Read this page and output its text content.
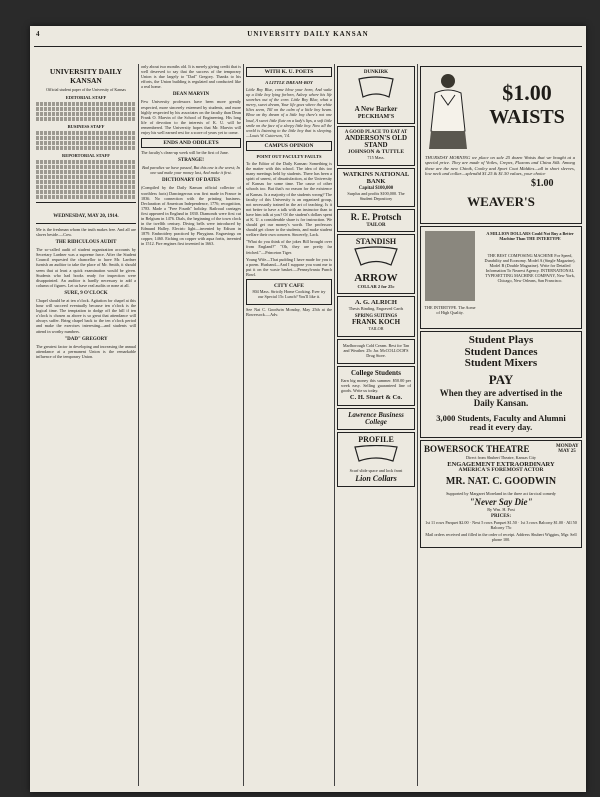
4	UNIVERSITY DAILY KANSAN
UNIVERSITY DAILY KANSAN
Official student paper of the University of Kansas
EDITORIAL STAFF
BUSINESS STAFF
REPORTORIAL STAFF
WEDNESDAY, MAY 20, 1914.
Me is the freshman whom the truth makes free. And all are slaves beside.—Cow.
THE RIDICULOUS AUDIT
The so-called audit of student organization accounts by Secretary Lardner was a supreme farce. After the Student Council requested the chancellor to have Mr. Lardner furnish an auditor to take the place of Mr. Smith, it should seem that at least a quick examination would be given. Students who had books ready for inspection were disappointed. An auditor is hardly necessary to add a column of figures. Let us have real audits or none at all.
SURE, 9 O'CLOCK
Chapel should be at ten o'clock. Agitation for chapel at this hour will succeed eventually because ten o'clock is the logical time. The temptation to dodge off the hill if ten o'clock is chosen as above is so great that attendance will always suffer. Bring chapel back to the ten o'clock period and make the exercises interesting—and students will attend in worthy numbers.
"DAD" GREGORY
The greatest factor in developing and increasing the annual attendance at a permanent Union is the remarkable influence of the temporary Union.
only about two months old. It is merely giving credit that is well deserved to say that the success of the temporary Union is due largely to "Dad" Gregory. Thanks to his efforts, the Union building is regulated and conducted like a real home.
DEAN MARVIN
Few University professors have been more greatly respected, more sincerely esteemed by students, and more highly respected by his associates on the faculty than Dean Frank O. Marvin of the School of Engineering. His long life of devotion to the interests of K. U. will be remembered. The University hopes that Mr. Marvin will enjoy his well earned rest for a score of years yet to come.
ENDS AND ODDLETS
The faculty's clean-up week will be the first of June.
STRANGE!
Bad parodies we have passed, But this one is the worst; In one sad make your money last, And make it first.
DICTIONARY OF DATES
(Compiled by the Daily Kansan official collector of worthless facts) Dancingerous was first made in France in 1836. No connection with the printing business. Declaration of American Independence, 1776; recognition, 1783. Made a "Free Fourth" holiday. Railroad carriages first appeared in England in 1830. Diamonds were first cut in Belgium in 1476. Dials, the beginning of the town clock in the twelfth century. Diving bells were introduced by Edmund Halley. Electric light—invented by Edison in 1879. Embroidery practiced by Phrygians. Engravings on copper, 1460. Etching on copper with aqua fortis, invented in 1512. Fire engines first invented in 1663.
WITH K. U. POETS
A LITTLE DREAM-BOY
Little Boy Blue, come blow your horn, And wake up a little boy lying forlorn, Asleep where his life searches out of the corn. Little Boy Blue, what a merry, sweet dream, Your life goes where the white lilies seem, Till on the calm of a little boy beam. Blow on thy dream of a little boy there's not one loud, A sweet little flute on a lady's lips, a soft little smile on the face of a sleepy little boy. Now all the world is listening to the little boy that is sleeping. —Louis W. Cutterson, '14.
CAMPUS OPINION
POINT OUT FACULTY FAULTS
To the Editor of the Daily Kansan: Something is the matter with this school. The idea of this too many meetings held by students. There has been a spirit of unrest, of dissatisfaction, at the University of Kansas for some time. The cause of other schools too. But that's no reason for the existence at Kansas. Is a majority of the students wrong? The faculty of this University is an organized group, not necessarily trained in the art of teaching. Is it not better to have a talk with an instructor than to have him talk at you? Of the student's dollars spent at K. U. a considerable share is for instruction. We should get our money's worth. The professors should get closer to the students, and make student welfare their own concern. Sincerely, Lack.
"What do you think of the jokes Bill brought over from England?" "Oh, they are pretty far fetched."—Princeton Tiger.
Young Wife—That pudding I have made for you is a poem. Husband—And I suppose you want me to put it on the waste basket.—Pennsylvania Punch Bowl.
CITY CAFE
804 Mass. Strictly Home Cooking. Ever try our Special 15c Lunch? You'll like it.
See Nat C. Goodwin Monday, May 25th at the Bowersock.—Adv.
DUNKIRK
A New Barker
PECKHAM'S
A GOOD PLACE TO EAT AT
ANDERSON'S OLD STAND
JOHNSON & TUTTLE
715 Mass.
WATKINS NATIONAL BANK
Capital $100,000
Surplus and profits $100,000. The Student Depository
R. E. Protsch
TAILOR
STANDISH
ARROW
COLLAR 2 for 25c
A. G. ALRICH
Thesis Binding, Engraved Cards
SPRING SUITINGS
FRANK KOCH
TAILOR
Marlborough Cold Cream. Best for Tan and Weather. 25c Jar. McCOLLOCH'S Drug Store.
College Students
Earn big money this summer. $50.00 per week easy. Selling guaranteed line of goods. Write us today.
C. H. Stuart & Co.
Lawrence Business College
PROFILE
Scarf slide space and lock front
Lion Collars
$1.00
WAISTS
THURSDAY MORNING we place on sale 25 dozen Waists that we bought at a special price. They are made of Voiles, Crepes, Flaxons and China Silk. Among these are the new Chinik, Cooley and Sport Coat Middies—all in short sleeves, low neck and collar—splendid $1.25 & $1.50 values, your choice
$1.00
WEAVER'S
THE INTERTYPE. The Acme of High Quality.
A MILLION DOLLARS Could Not Buy a Better Machine Than THE INTERTYPE
THE BEST COMPOSING MACHINE For Speed, Durability and Economy. Model A (Single Magazine), Model B (Double Magazine). Write for Detailed Information To Nearest Agency. INTERNATIONAL TYPESETTING MACHINE COMPANY, New York, Chicago, New Orleans, San Francisco.
Student Plays
Student Dances
Student Mixers
PAY
When they are advertised in the Daily Kansan.
3,000 Students, Faculty and Alumni read it every day.
BOWERSOCK THEATRE	MONDAY MAY 25
Direct from Shubert Theatre, Kansas City
ENGAGEMENT EXTRAORDINARY
AMERICA'S FOREMOST ACTOR
MR. NAT. C. GOODWIN
Supported by Margaret Moreland in the three act farcical comedy
"Never Say Die"
By Wm. H. Post
PRICES:
1st 11 rows Parquet $2.00 · Next 5 rows Parquet $1.50 · 1st 3 rows Balcony $1.00 · All 50 Balcony 75c
Mail orders received and filled in the order of receipt. Address Shubert Wiggins, Mgr. Sell phone 100.
